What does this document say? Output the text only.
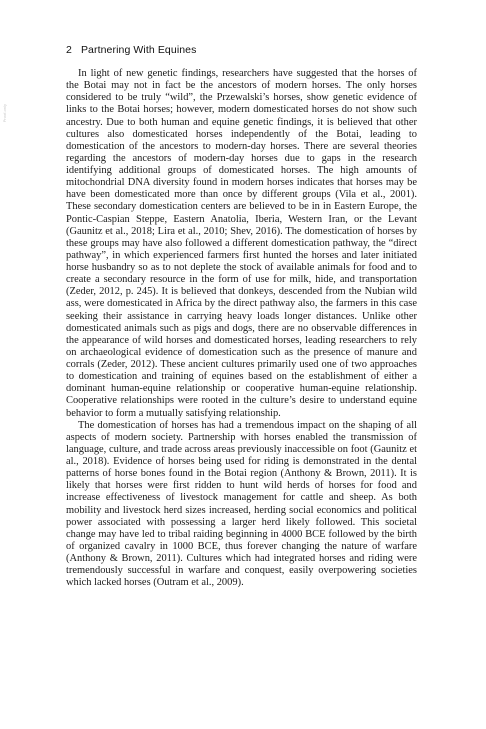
Proof‑only
2 Partnering With Equines

In light of new genetic findings, researchers have suggested that the horses of the Botai may not in fact be the ancestors of modern horses. The only horses considered to be truly “wild”, the Przewalski’s horses, show genetic evidence of links to the Botai horses; however, modern domesticated horses do not show such ancestry. Due to both human and equine genetic findings, it is believed that other cultures also domesticated horses independently of the Botai, leading to domestication of the ancestors to modern-day horses. There are several theories regarding the ancestors of modern-day horses due to gaps in the research identifying additional groups of domesticated horses. The high amounts of mitochondrial DNA diversity found in modern horses indicates that horses may be have been domesticated more than once by different groups (Vila et al., 2001). These secondary domestication centers are believed to be in in Eastern Europe, the Pontic-Caspian Steppe, Eastern Anatolia, Iberia, Western Iran, or the Levant (Gaunitz et al., 2018; Lira et al., 2010; Shev, 2016). The domestication of horses by these groups may have also followed a different domestication pathway, the “direct pathway”, in which experienced farmers first hunted the horses and later initiated horse husbandry so as to not deplete the stock of available animals for food and to create a secondary resource in the form of use for milk, hide, and transportation (Zeder, 2012, p. 245). It is believed that donkeys, descended from the Nubian wild ass, were domesticated in Africa by the direct pathway also, the farmers in this case seeking their assistance in carrying heavy loads longer distances. Unlike other domesticated animals such as pigs and dogs, there are no observable differences in the appearance of wild horses and domesticated horses, leading researchers to rely on archaeological evidence of domestication such as the presence of manure and corrals (Zeder, 2012). These ancient cultures primarily used one of two approaches to domestication and training of equines based on the establishment of either a dominant human-equine relationship or cooperative human-equine relationship. Cooperative relationships were rooted in the culture’s desire to understand equine behavior to form a mutually satisfying relationship.

The domestication of horses has had a tremendous impact on the shaping of all aspects of modern society. Partnership with horses enabled the transmission of language, culture, and trade across areas previously inaccessible on foot (Gaunitz et al., 2018). Evidence of horses being used for riding is demonstrated in the dental patterns of horse bones found in the Botai region (Anthony & Brown, 2011). It is likely that horses were first ridden to hunt wild herds of horses for food and increase effectiveness of livestock management for cattle and sheep. As both mobility and livestock herd sizes increased, herding social economics and political power associated with possessing a larger herd likely followed. This societal change may have led to tribal raiding beginning in 4000 BCE followed by the birth of organized cavalry in 1000 BCE, thus forever changing the nature of warfare (Anthony & Brown, 2011). Cultures which had integrated horses and riding were tremendously successful in warfare and conquest, easily overpowering societies which lacked horses (Outram et al., 2009).
